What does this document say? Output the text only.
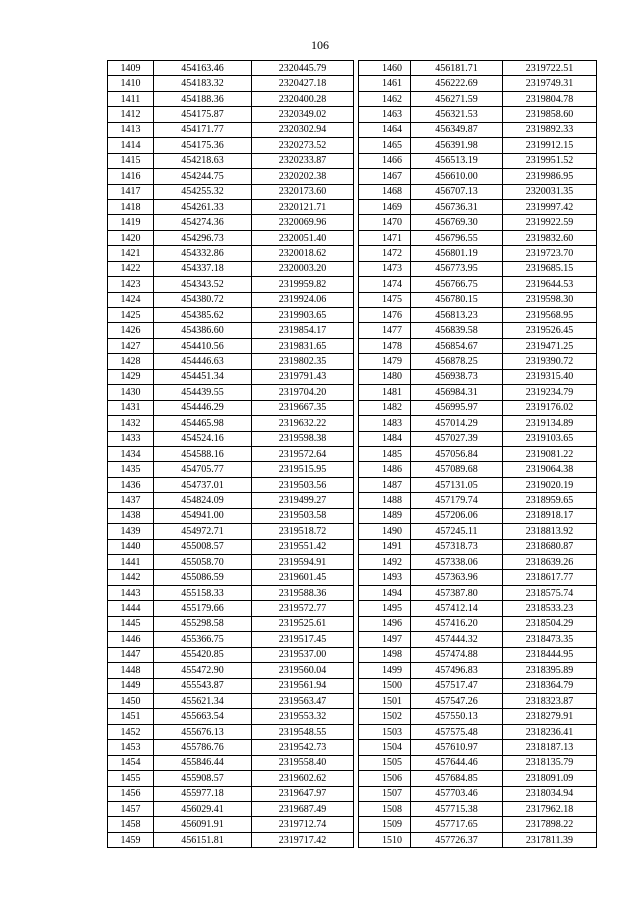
106
1409	454163.46	2320445.79
1410	454183.32	2320427.18
1411	454188.36	2320400.28
1412	454175.87	2320349.02
1413	454171.77	2320302.94
1414	454175.36	2320273.52
1415	454218.63	2320233.87
1416	454244.75	2320202.38
1417	454255.32	2320173.60
1418	454261.33	2320121.71
1419	454274.36	2320069.96
1420	454296.73	2320051.40
1421	454332.86	2320018.62
1422	454337.18	2320003.20
1423	454343.52	2319959.82
1424	454380.72	2319924.06
1425	454385.62	2319903.65
1426	454386.60	2319854.17
1427	454410.56	2319831.65
1428	454446.63	2319802.35
1429	454451.34	2319791.43
1430	454439.55	2319704.20
1431	454446.29	2319667.35
1432	454465.98	2319632.22
1433	454524.16	2319598.38
1434	454588.16	2319572.64
1435	454705.77	2319515.95
1436	454737.01	2319503.56
1437	454824.09	2319499.27
1438	454941.00	2319503.58
1439	454972.71	2319518.72
1440	455008.57	2319551.42
1441	455058.70	2319594.91
1442	455086.59	2319601.45
1443	455158.33	2319588.36
1444	455179.66	2319572.77
1445	455298.58	2319525.61
1446	455366.75	2319517.45
1447	455420.85	2319537.00
1448	455472.90	2319560.04
1449	455543.87	2319561.94
1450	455621.34	2319563.47
1451	455663.54	2319553.32
1452	455676.13	2319548.55
1453	455786.76	2319542.73
1454	455846.44	2319558.40
1455	455908.57	2319602.62
1456	455977.18	2319647.97
1457	456029.41	2319687.49
1458	456091.91	2319712.74
1459	456151.81	2319717.42
1460	456181.71	2319722.51
1461	456222.69	2319749.31
1462	456271.59	2319804.78
1463	456321.53	2319858.60
1464	456349.87	2319892.33
1465	456391.98	2319912.15
1466	456513.19	2319951.52
1467	456610.00	2319986.95
1468	456707.13	2320031.35
1469	456736.31	2319997.42
1470	456769.30	2319922.59
1471	456796.55	2319832.60
1472	456801.19	2319723.70
1473	456773.95	2319685.15
1474	456766.75	2319644.53
1475	456780.15	2319598.30
1476	456813.23	2319568.95
1477	456839.58	2319526.45
1478	456854.67	2319471.25
1479	456878.25	2319390.72
1480	456938.73	2319315.40
1481	456984.31	2319234.79
1482	456995.97	2319176.02
1483	457014.29	2319134.89
1484	457027.39	2319103.65
1485	457056.84	2319081.22
1486	457089.68	2319064.38
1487	457131.05	2319020.19
1488	457179.74	2318959.65
1489	457206.06	2318918.17
1490	457245.11	2318813.92
1491	457318.73	2318680.87
1492	457338.06	2318639.26
1493	457363.96	2318617.77
1494	457387.80	2318575.74
1495	457412.14	2318533.23
1496	457416.20	2318504.29
1497	457444.32	2318473.35
1498	457474.88	2318444.95
1499	457496.83	2318395.89
1500	457517.47	2318364.79
1501	457547.26	2318323.87
1502	457550.13	2318279.91
1503	457575.48	2318236.41
1504	457610.97	2318187.13
1505	457644.46	2318135.79
1506	457684.85	2318091.09
1507	457703.46	2318034.94
1508	457715.38	2317962.18
1509	457717.65	2317898.22
1510	457726.37	2317811.39
